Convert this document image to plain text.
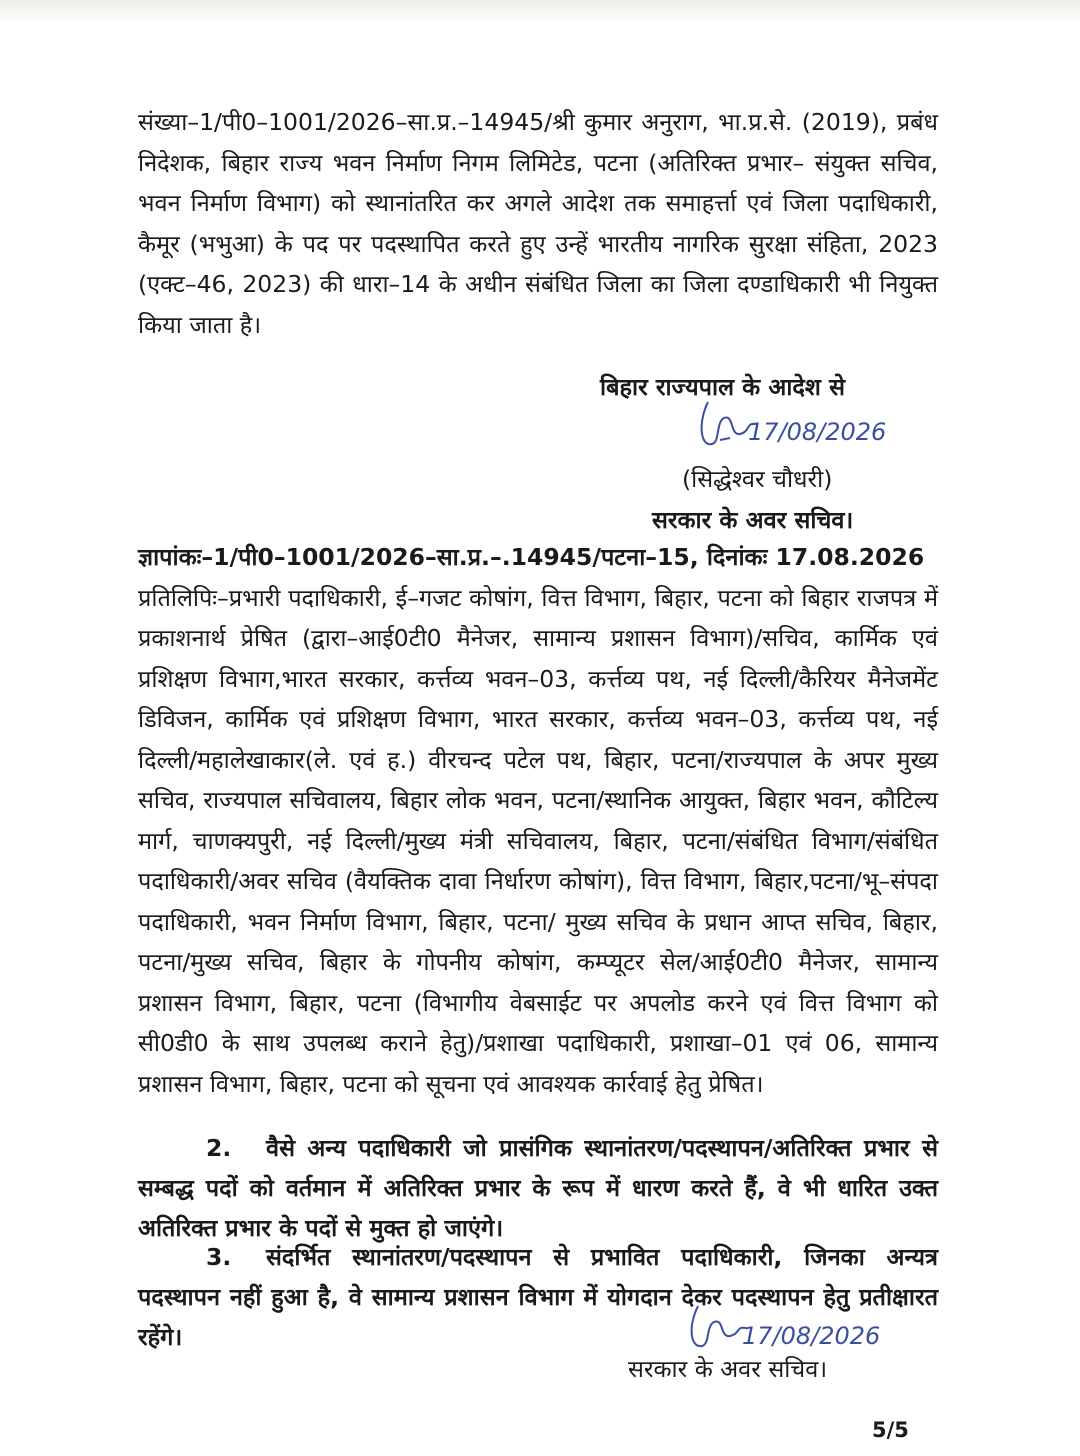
संख्या–1/पी0–1001/2026–सा.प्र.–14945/श्री कुमार अनुराग, भा.प्र.से. (2019), प्रबंध निदेशक, बिहार राज्य भवन निर्माण निगम लिमिटेड, पटना (अतिरिक्त प्रभार– संयुक्त सचिव, भवन निर्माण विभाग) को स्थानांतरित कर अगले आदेश तक समाहर्त्ता एवं जिला पदाधिकारी, कैमूर (भभुआ) के पद पर पदस्थापित करते हुए उन्हें भारतीय नागरिक सुरक्षा संहिता, 2023 (एक्ट–46, 2023) की धारा–14 के अधीन संबंधित जिला का जिला दण्डाधिकारी भी नियुक्त किया जाता है।

बिहार राज्यपाल के आदेश से
17/08/2026
(सिद्धेश्वर चौधरी)
सरकार के अवर सचिव।

ज्ञापांकः–1/पी0–1001/2026–सा.प्र.–.14945/पटना–15, दिनांकः 17.08.2026
प्रतिलिपिः–प्रभारी पदाधिकारी, ई–गजट कोषांग, वित्त विभाग, बिहार, पटना को बिहार राजपत्र में प्रकाशनार्थ प्रेषित (द्वारा–आई0टी0 मैनेजर, सामान्य प्रशासन विभाग)/सचिव, कार्मिक एवं प्रशिक्षण विभाग,भारत सरकार, कर्त्तव्य भवन–03, कर्त्तव्य पथ, नई दिल्ली/कैरियर मैनेजमेंट डिविजन, कार्मिक एवं प्रशिक्षण विभाग, भारत सरकार, कर्त्तव्य भवन–03, कर्त्तव्य पथ, नई दिल्ली/महालेखाकार(ले. एवं ह.) वीरचन्द पटेल पथ, बिहार, पटना/राज्यपाल के अपर मुख्य सचिव, राज्यपाल सचिवालय, बिहार लोक भवन, पटना/स्थानिक आयुक्त, बिहार भवन, कौटिल्य मार्ग, चाणक्यपुरी, नई दिल्ली/मुख्य मंत्री सचिवालय, बिहार, पटना/संबंधित विभाग/संबंधित पदाधिकारी/अवर सचिव (वैयक्तिक दावा निर्धारण कोषांग), वित्त विभाग, बिहार,पटना/भू–संपदा पदाधिकारी, भवन निर्माण विभाग, बिहार, पटना/ मुख्य सचिव के प्रधान आप्त सचिव, बिहार, पटना/मुख्य सचिव, बिहार के गोपनीय कोषांग, कम्प्यूटर सेल/आई0टी0 मैनेजर, सामान्य प्रशासन विभाग, बिहार, पटना (विभागीय वेबसाईट पर अपलोड करने एवं वित्त विभाग को सी0डी0 के साथ उपलब्ध कराने हेतु)/प्रशाखा पदाधिकारी, प्रशाखा–01 एवं 06, सामान्य प्रशासन विभाग, बिहार, पटना को सूचना एवं आवश्यक कार्रवाई हेतु प्रेषित।

2. वैसे अन्य पदाधिकारी जो प्रासंगिक स्थानांतरण/पदस्थापन/अतिरिक्त प्रभार से सम्बद्ध पदों को वर्तमान में अतिरिक्त प्रभार के रूप में धारण करते हैं, वे भी धारित उक्त अतिरिक्त प्रभार के पदों से मुक्त हो जाएंगे।

3. संदर्भित स्थानांतरण/पदस्थापन से प्रभावित पदाधिकारी, जिनका अन्यत्र पदस्थापन नहीं हुआ है, वे सामान्य प्रशासन विभाग में योगदान देकर पदस्थापन हेतु प्रतीक्षारत रहेंगे।	17/08/2026
सरकार के अवर सचिव।
5/5
